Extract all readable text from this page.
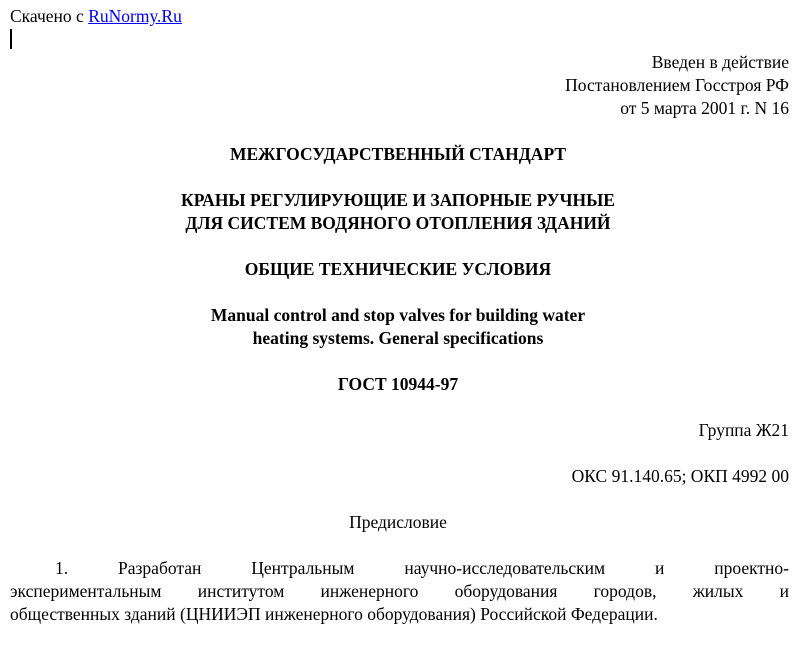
Скачено с RuNormy.Ru
Введен в действие
Постановлением Госстроя РФ
от 5 марта 2001 г. N 16
МЕЖГОСУДАРСТВЕННЫЙ СТАНДАРТ
КРАНЫ РЕГУЛИРУЮЩИЕ И ЗАПОРНЫЕ РУЧНЫЕ
ДЛЯ СИСТЕМ ВОДЯНОГО ОТОПЛЕНИЯ ЗДАНИЙ
ОБЩИЕ ТЕХНИЧЕСКИЕ УСЛОВИЯ
Manual control and stop valves for building water
heating systems. General specifications
ГОСТ 10944-97
Группа Ж21
ОКС 91.140.65; ОКП 4992 00
Предисловие
1. Разработан Центральным научно-исследовательским и проектно-
экспериментальным институтом инженерного оборудования городов, жилых и
общественных зданий (ЦНИИЭП инженерного оборудования) Российской Федерации.
